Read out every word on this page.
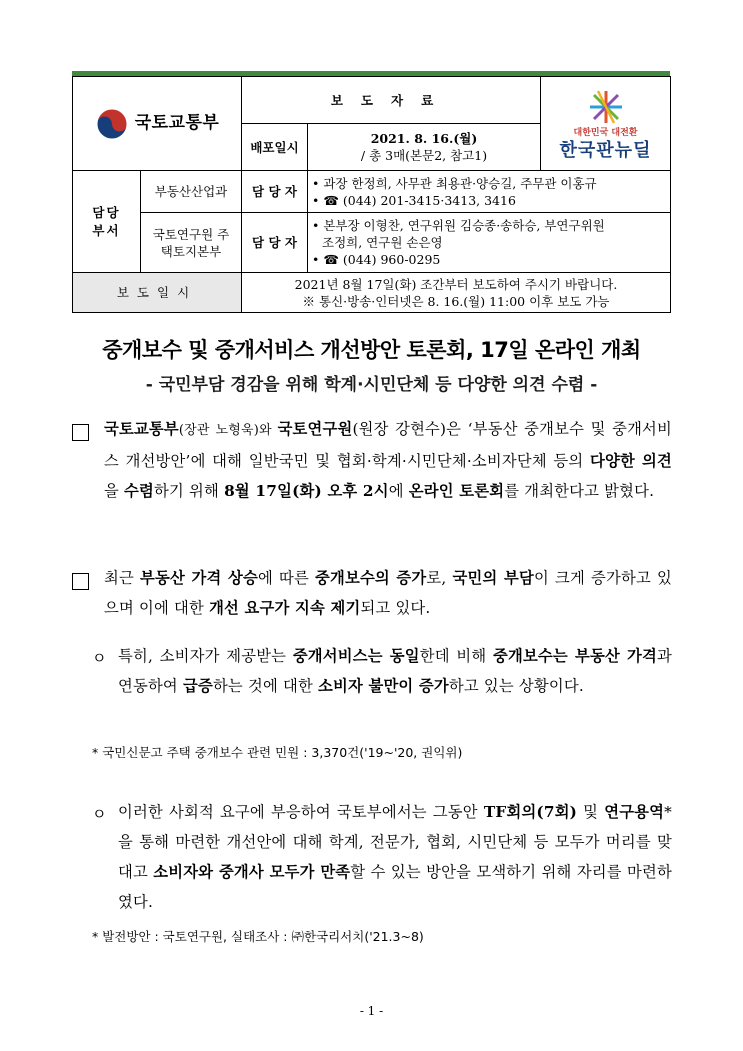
국토교통부		보도자료		대한민국 대전환
한국판뉴딜

		배포일시	2021. 8. 16.(월)
/ 총 3매(본문2, 참고1)	

담당 부서	부동산산업과	담 당 자	• 과장 한정희, 사무관 최용관·양승길, 주무관 이홍규
• ☎ (044) 201-3415·3413, 3416	

	국토연구원 주택토지본부	담 당 자	• 본부장 이형찬, 연구위원 김승종·송하승, 부연구위원
조정희, 연구원 손은영
• ☎ (044) 960-0295	

보도일시		2021년 8월 17일(화) 조간부터 보도하여 주시기 바랍니다.
※ 통신·방송·인터넷은 8. 16.(월) 11:00 이후 보도 가능		
중개보수 및 중개서비스 개선방안 토론회, 17일 온라인 개최
- 국민부담 경감을 위해 학계·시민단체 등 다양한 의견 수렴 -
국토교통부(장관 노형욱)와 국토연구원(원장 강현수)은 ‘부동산 중개보수 및 중개서비스 개선방안’에 대해 일반국민 및 협회·학계·시민단체·소비자단체 등의 다양한 의견을 수렴하기 위해 8월 17일(화) 오후 2시에 온라인 토론회를 개최한다고 밝혔다.
최근 부동산 가격 상승에 따른 중개보수의 증가로, 국민의 부담이 크게 증가하고 있으며 이에 대한 개선 요구가 지속 제기되고 있다.
ㅇ 특히, 소비자가 제공받는 중개서비스는 동일한데 비해 중개보수는 부동산 가격과 연동하여 급증하는 것에 대한 소비자 불만이 증가하고 있는 상황이다.
* 국민신문고 주택 중개보수 관련 민원 : 3,370건('19~'20, 권익위)
ㅇ 이러한 사회적 요구에 부응하여 국토부에서는 그동안 TF회의(7회) 및 연구용역*을 통해 마련한 개선안에 대해 학계, 전문가, 협회, 시민단체 등 모두가 머리를 맞대고 소비자와 중개사 모두가 만족할 수 있는 방안을 모색하기 위해 자리를 마련하였다.
* 발전방안 : 국토연구원, 실태조사 : ㈜한국리서치('21.3~8)
- 1 -
